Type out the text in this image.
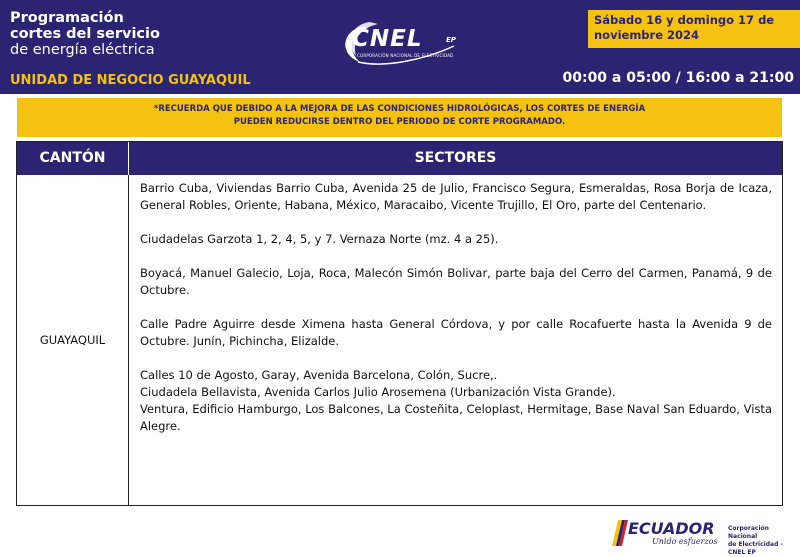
Programación
cortes del servicio
de energía eléctrica
UNIDAD DE NEGOCIO GUAYAQUIL
CNEL	EP
CORPORACIÓN NACIONAL DE ELECTRICIDAD
Sábado 16 y domingo 17 de
noviembre 2024
00:00 a 05:00 / 16:00 a 21:00
*RECUERDA QUE DEBIDO A LA MEJORA DE LAS CONDICIONES HIDROLÓGICAS, LOS CORTES DE ENERGÍA
PUEDEN REDUCIRSE DENTRO DEL PERIODO DE CORTE PROGRAMADO.
CANTÓN	SECTORES
GUAYAQUIL
Barrio Cuba, Viviendas Barrio Cuba, Avenida 25 de Julio, Francisco Segura, Esmeraldas, Rosa Borja de Icaza, General Robles, Oriente, Habana, México, Maracaibo, Vicente Trujillo, El Oro, parte del Centenario.
Ciudadelas Garzota 1, 2, 4, 5, y 7. Vernaza Norte (mz. 4 a 25).
Boyacá, Manuel Galecio, Loja, Roca, Malecón Simón Bolivar, parte baja del Cerro del Carmen, Panamá, 9 de Octubre.
Calle Padre Aguirre desde Ximena hasta General Córdova, y por calle Rocafuerte hasta la Avenida 9 de Octubre. Junín, Pichincha, Elizalde.
Calles 10 de Agosto, Garay, Avenida Barcelona, Colón, Sucre,.
Ciudadela Bellavista, Avenida Carlos Julio Arosemena (Urbanización Vista Grande).
Ventura, Edificio Hamburgo, Los Balcones, La Costeñita, Celoplast, Hermitage, Base Naval San Eduardo, Vista Alegre.
ECUADOR
Unido esfuerzos
Corporación Nacional
de Electricidad - CNEL EP
